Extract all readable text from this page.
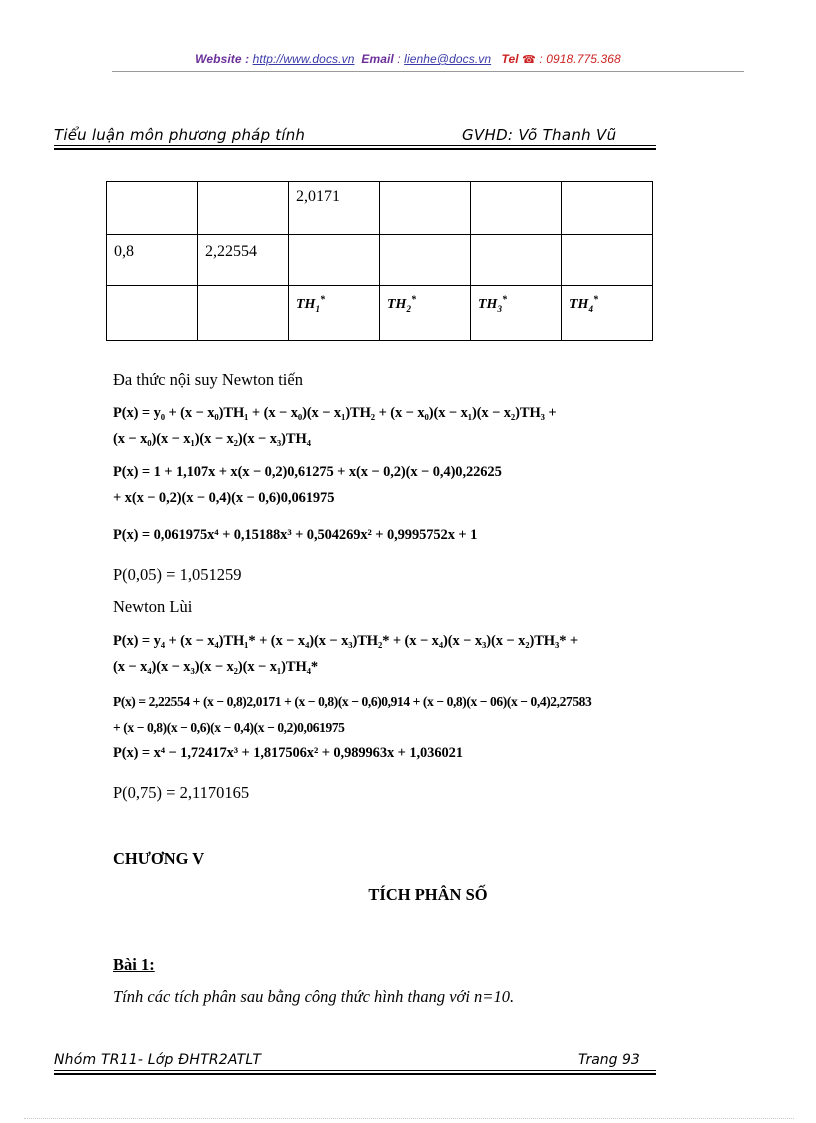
Website : http://www.docs.vn Email : lienhe@docs.vn Tel ☎ : 0918.775.368
Tiểu luận môn phương pháp tính	GVHD: Võ Thanh Vũ
		2,0171			
0,8	2,22554				
		$TH_1^*$	$TH_2^*$	$TH_3^*$	$TH_4^*$
Đa thức nội suy Newton tiến
P(x) = y₀ + (x − x₀)TH₁ + (x − x₀)(x − x₁)TH₂ + (x − x₀)(x − x₁)(x − x₂)TH₃ +
(x − x₀)(x − x₁)(x − x₂)(x − x₃)TH₄
P(x) = 1 + 1,107x + x(x − 0,2)0,61275 + x(x − 0,2)(x − 0,4)0,22625
+ x(x − 0,2)(x − 0,4)(x − 0,6)0,061975
P(x) = 0,061975x⁴ + 0,15188x³ + 0,504269x² + 0,9995752x + 1
P(0,05) = 1,051259
Newton Lùi
P(x) = y₄ + (x − x₄)TH₁* + (x − x₄)(x − x₃)TH₂* + (x − x₄)(x − x₃)(x − x₂)TH₃* +
(x − x₄)(x − x₃)(x − x₂)(x − x₁)TH₄*
P(x) = 2,22554 + (x − 0,8)2,0171 + (x − 0,8)(x − 0,6)0,914 + (x − 0,8)(x − 06)(x − 0,4)2,27583
+ (x − 0,8)(x − 0,6)(x − 0,4)(x − 0,2)0,061975
P(x) = x⁴ − 1,72417x³ + 1,817506x² + 0,989963x + 1,036021
P(0,75) = 2,1170165
CHƯƠNG V
TÍCH PHÂN SỐ
Bài 1:
Tính các tích phân sau bằng công thức hình thang với n=10.
Nhóm TR11- Lớp ĐHTR2ATLT	Trang 93
